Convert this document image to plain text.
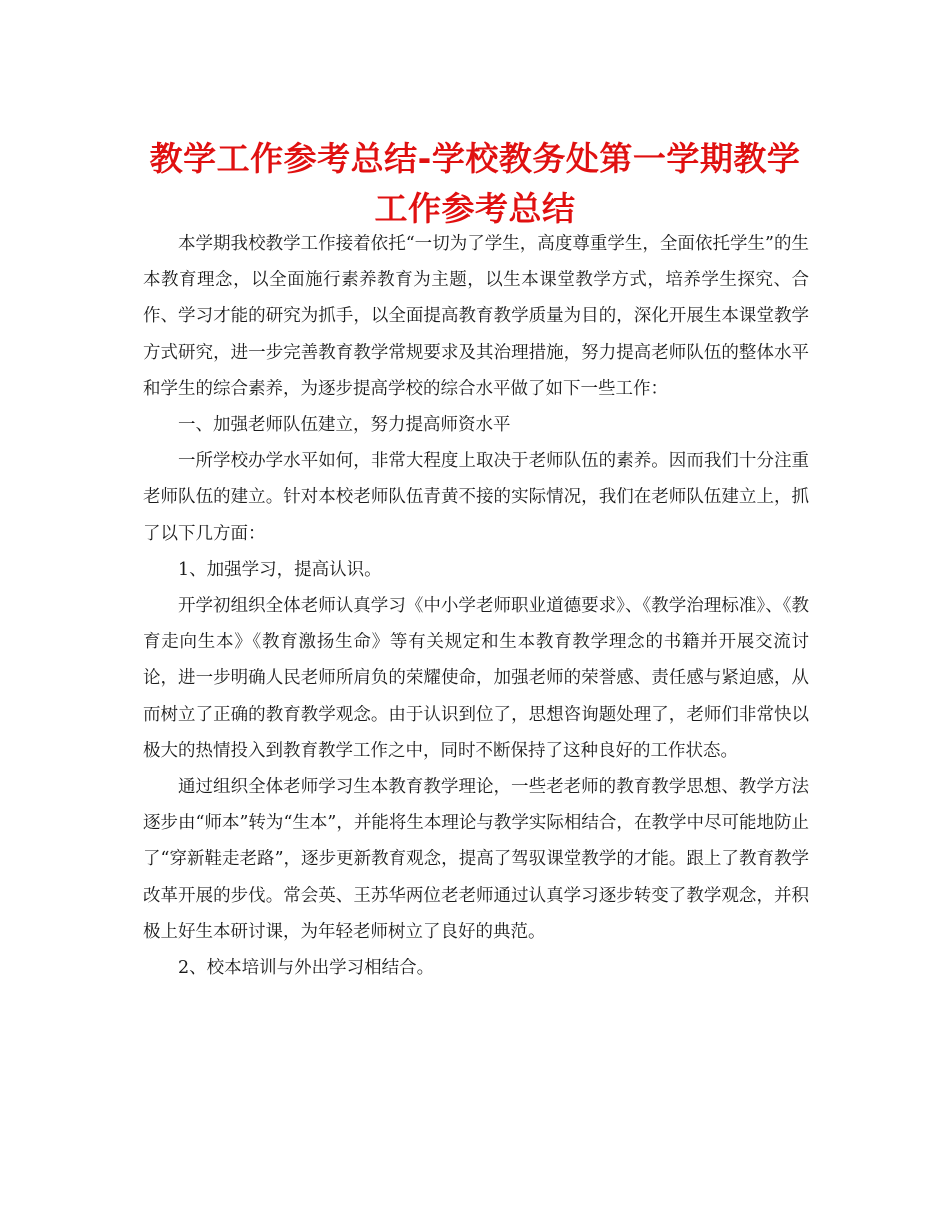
教学工作参考总结-学校教务处第一学期教学工作参考总结

本学期我校教学工作接着依托“一切为了学生，高度尊重学生，全面依托学生”的生本教育理念，以全面施行素养教育为主题，以生本课堂教学方式，培养学生探究、合作、学习才能的研究为抓手，以全面提高教育教学质量为目的，深化开展生本课堂教学方式研究，进一步完善教育教学常规要求及其治理措施，努力提高老师队伍的整体水平和学生的综合素养，为逐步提高学校的综合水平做了如下一些工作：

一、加强老师队伍建立，努力提高师资水平

一所学校办学水平如何，非常大程度上取决于老师队伍的素养。因而我们十分注重老师队伍的建立。针对本校老师队伍青黄不接的实际情况，我们在老师队伍建立上，抓了以下几方面：

1、加强学习，提高认识。

开学初组织全体老师认真学习《中小学老师职业道德要求》、《教学治理标准》、《教育走向生本》《教育激扬生命》等有关规定和生本教育教学理念的书籍并开展交流讨论，进一步明确人民老师所肩负的荣耀使命，加强老师的荣誉感、责任感与紧迫感，从而树立了正确的教育教学观念。由于认识到位了，思想咨询题处理了，老师们非常快以极大的热情投入到教育教学工作之中，同时不断保持了这种良好的工作状态。

通过组织全体老师学习生本教育教学理论，一些老老师的教育教学思想、教学方法逐步由“师本”转为“生本”，并能将生本理论与教学实际相结合，在教学中尽可能地防止了“穿新鞋走老路”，逐步更新教育观念，提高了驾驭课堂教学的才能。跟上了教育教学改革开展的步伐。常会英、王苏华两位老老师通过认真学习逐步转变了教学观念，并积极上好生本研讨课，为年轻老师树立了良好的典范。

2、校本培训与外出学习相结合。
